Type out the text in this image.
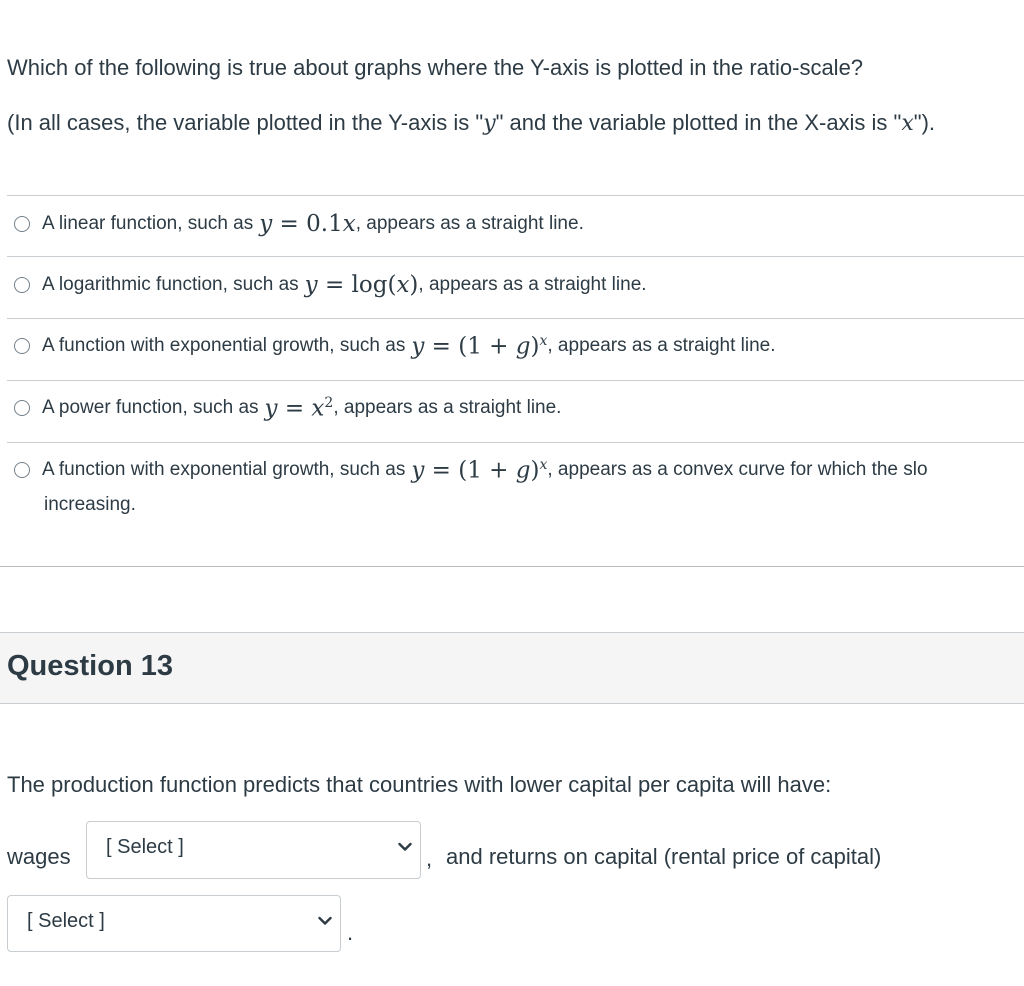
Which of the following is true about graphs where the Y-axis is plotted in the ratio-scale?
(In all cases, the variable plotted in the Y-axis is "y" and the variable plotted in the X-axis is "x").
A linear function, such as y = 0.1x , appears as a straight line.
A logarithmic function, such as y = log(x) , appears as a straight line.
A function with exponential growth, such as $y = (1 + g)^x$ , appears as a straight line.
A power function, such as $y = x^2$ , appears as a straight line.
A function with exponential growth, such as $y = (1 + g)^x$ , appears as a convex curve for which the slo
increasing.
Question 13
The production function predicts that countries with lower capital per capita will have:
wages [ Select ]	, and returns on capital (rental price of capital)
[ Select ]	.
